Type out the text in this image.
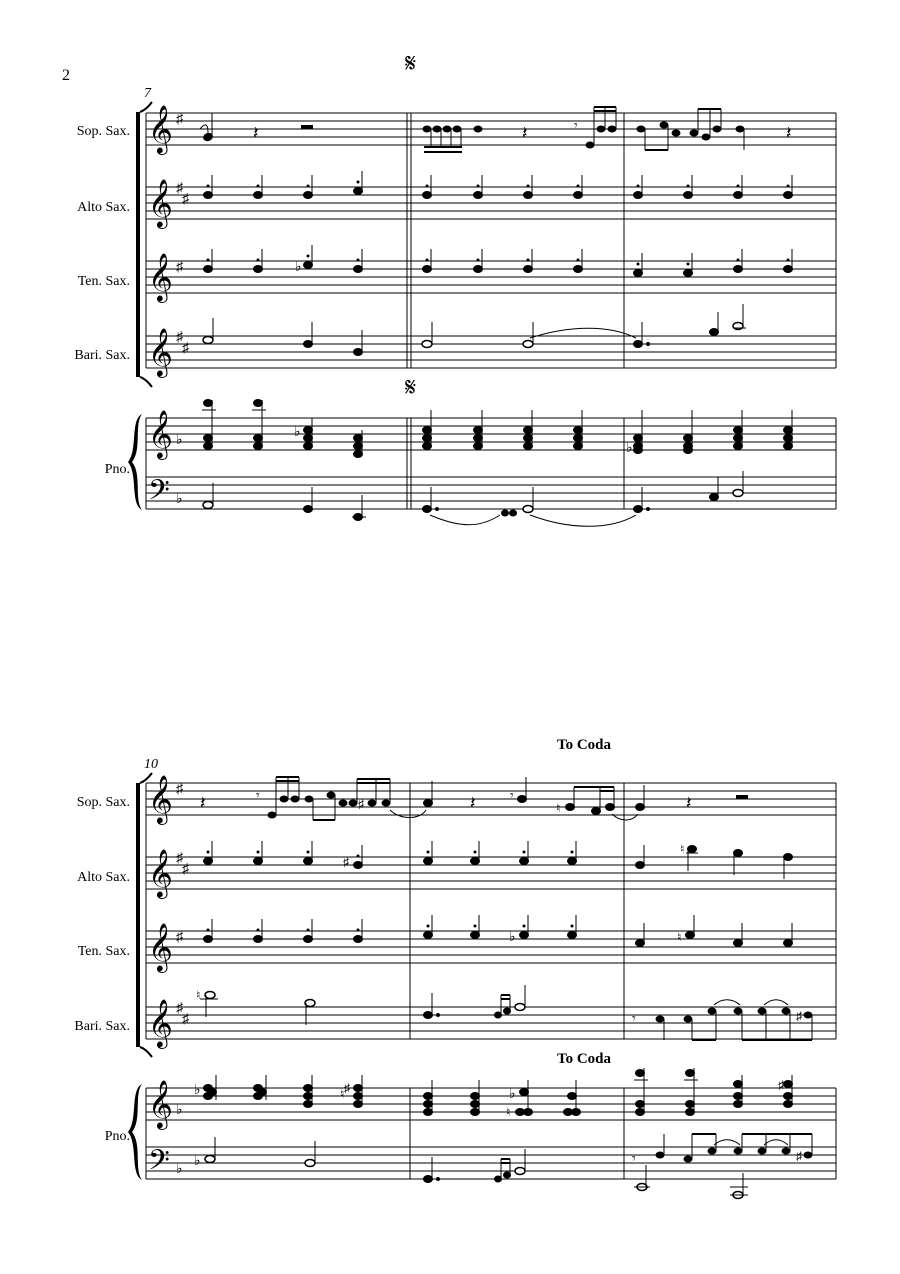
2	𝄋
7
Sop. Sax.
Alto Sax.
Ten. Sax.
Bari. Sax.
Pno.
𝄞
𝄞
𝄞
𝄞
𝄞
𝄢
♯
♯
♯
♯
♯
♯
♭
♭
𝄋
𝄽	𝄽	𝄾	𝄽
♭
♭
♭
To Coda
10
Sop. Sax.
Alto Sax.
Ten. Sax.
Bari. Sax.
Pno.
𝄞
𝄞
𝄞
𝄞
𝄞
𝄢
♯
♯
♯
♯
♯
♯
♭
♭
To Coda
𝄽	𝄾	♯	𝄽 𝄾
♮	𝄽
♯
♮
♭	♮
♮
𝄾	♯
♭	♮ ♯	♭
♮
♯
♭	𝄾	♯
